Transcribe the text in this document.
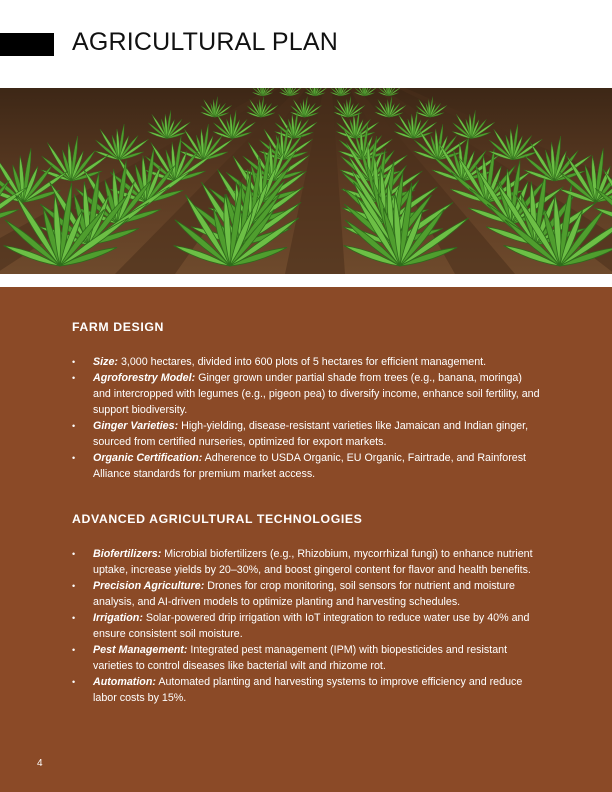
AGRICULTURAL PLAN
FARM DESIGN
• Size: 3,000 hectares, divided into 600 plots of 5 hectares for efficient management.
• Agroforestry Model: Ginger grown under partial shade from trees (e.g., banana, moringa) and intercropped with legumes (e.g., pigeon pea) to diversify income, enhance soil fertility, and support biodiversity.
• Ginger Varieties: High-yielding, disease-resistant varieties like Jamaican and Indian ginger, sourced from certified nurseries, optimized for export markets.
• Organic Certification: Adherence to USDA Organic, EU Organic, Fairtrade, and Rainforest Alliance standards for premium market access.
ADVANCED AGRICULTURAL TECHNOLOGIES
• Biofertilizers: Microbial biofertilizers (e.g., Rhizobium, mycorrhizal fungi) to enhance nutrient uptake, increase yields by 20–30%, and boost gingerol content for flavor and health benefits.
• Precision Agriculture: Drones for crop monitoring, soil sensors for nutrient and moisture analysis, and AI-driven models to optimize planting and harvesting schedules.
• Irrigation: Solar-powered drip irrigation with IoT integration to reduce water use by 40% and ensure consistent soil moisture.
• Pest Management: Integrated pest management (IPM) with biopesticides and resistant varieties to control diseases like bacterial wilt and rhizome rot.
• Automation: Automated planting and harvesting systems to improve efficiency and reduce labor costs by 15%.
4
